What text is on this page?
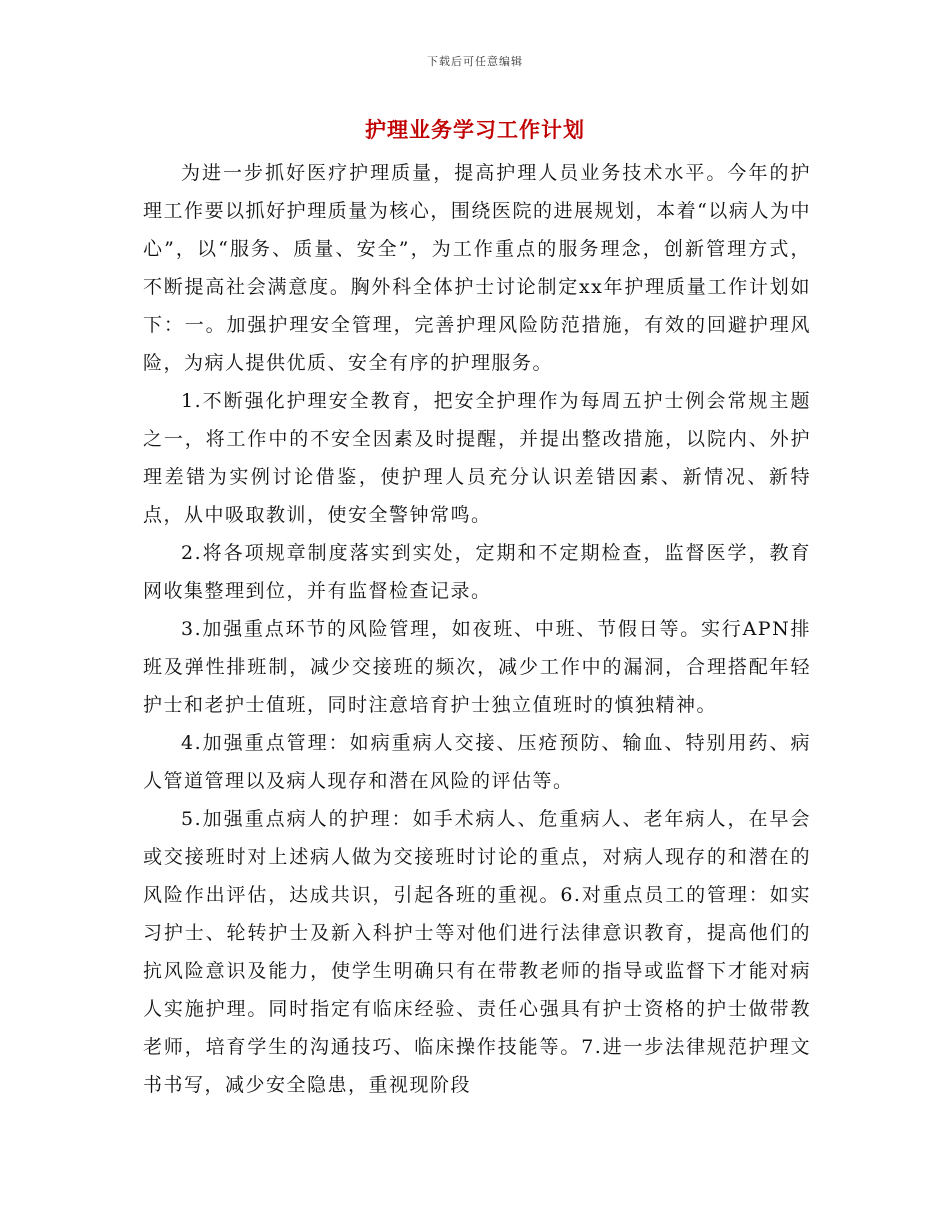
下载后可任意编辑
护理业务学习工作计划

为进一步抓好医疗护理质量，提高护理人员业务技术水平。今年的护理工作要以抓好护理质量为核心，围绕医院的进展规划，本着“以病人为中心”，以“服务、质量、安全”，为工作重点的服务理念，创新管理方式，不断提高社会满意度。胸外科全体护士讨论制定xx年护理质量工作计划如下：一。加强护理安全管理，完善护理风险防范措施，有效的回避护理风险，为病人提供优质、安全有序的护理服务。

1.不断强化护理安全教育，把安全护理作为每周五护士例会常规主题之一，将工作中的不安全因素及时提醒，并提出整改措施，以院内、外护理差错为实例讨论借鉴，使护理人员充分认识差错因素、新情况、新特点，从中吸取教训，使安全警钟常鸣。

2.将各项规章制度落实到实处，定期和不定期检查，监督医学，教育网收集整理到位，并有监督检查记录。

3.加强重点环节的风险管理，如夜班、中班、节假日等。实行APN排班及弹性排班制，减少交接班的频次，减少工作中的漏洞，合理搭配年轻护士和老护士值班，同时注意培育护士独立值班时的慎独精神。

4.加强重点管理：如病重病人交接、压疮预防、输血、特别用药、病人管道管理以及病人现存和潜在风险的评估等。

5.加强重点病人的护理：如手术病人、危重病人、老年病人，在早会或交接班时对上述病人做为交接班时讨论的重点，对病人现存的和潜在的风险作出评估，达成共识，引起各班的重视。6.对重点员工的管理：如实习护士、轮转护士及新入科护士等对他们进行法律意识教育，提高他们的抗风险意识及能力，使学生明确只有在带教老师的指导或监督下才能对病人实施护理。同时指定有临床经验、责任心强具有护士资格的护士做带教老师，培育学生的沟通技巧、临床操作技能等。7.进一步法律规范护理文书书写，减少安全隐患，重视现阶段
